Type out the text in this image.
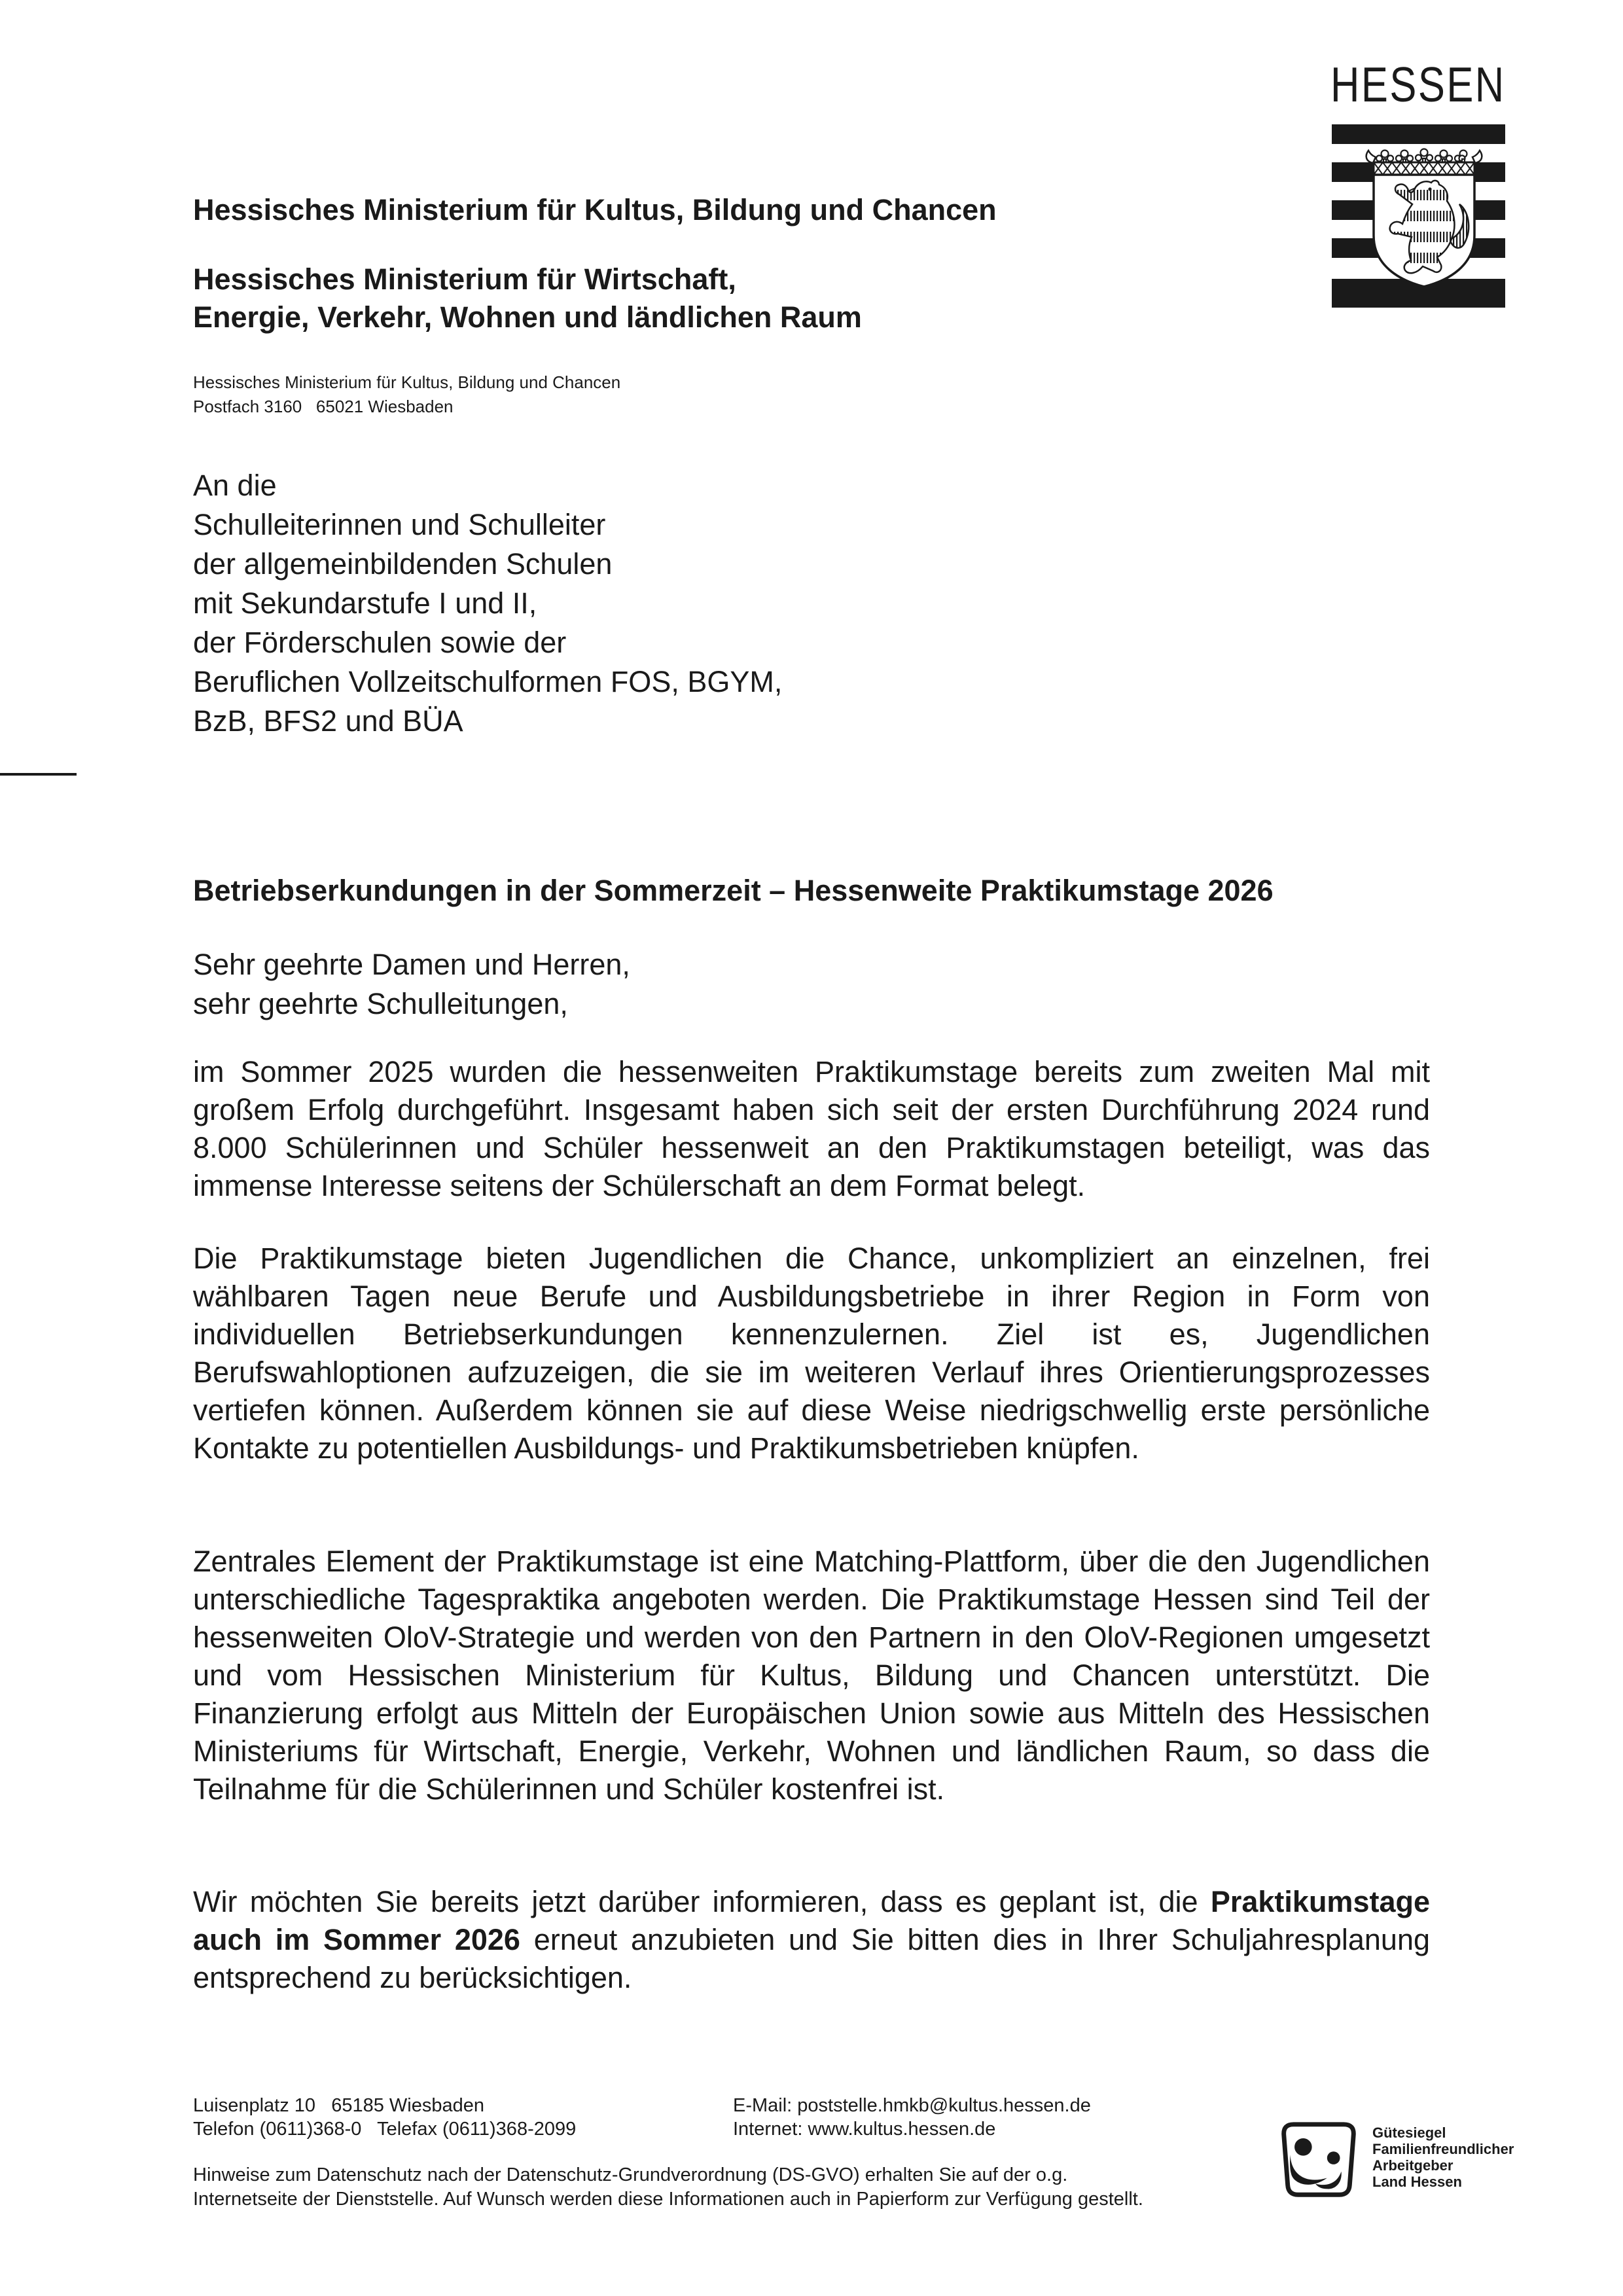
HESSEN
Hessisches Ministerium für Kultus, Bildung und Chancen
Hessisches Ministerium für Wirtschaft,
Energie, Verkehr, Wohnen und ländlichen Raum
Hessisches Ministerium für Kultus, Bildung und Chancen
Postfach 3160   65021 Wiesbaden
An die
Schulleiterinnen und Schulleiter
der allgemeinbildenden Schulen
mit Sekundarstufe I und II,
der Förderschulen sowie der
Beruflichen Vollzeitschulformen FOS, BGYM,
BzB, BFS2 und BÜA
Betriebserkundungen in der Sommerzeit – Hessenweite Praktikumstage 2026
Sehr geehrte Damen und Herren,
sehr geehrte Schulleitungen,
im Sommer 2025 wurden die hessenweiten Praktikumstage bereits zum zweiten Mal mit großem Erfolg durchgeführt. Insgesamt haben sich seit der ersten Durchführung 2024 rund 8.000 Schülerinnen und Schüler hessenweit an den Praktikumstagen beteiligt, was das immense Interesse seitens der Schülerschaft an dem Format belegt.
Die Praktikumstage bieten Jugendlichen die Chance, unkompliziert an einzelnen, frei wählbaren Tagen neue Berufe und Ausbildungsbetriebe in ihrer Region in Form von individuellen Betriebserkundungen kennenzulernen. Ziel ist es, Jugendlichen Berufswahloptionen aufzuzeigen, die sie im weiteren Verlauf ihres Orientierungsprozesses vertiefen können. Außerdem können sie auf diese Weise niedrigschwellig erste persönliche Kontakte zu potentiellen Ausbildungs- und Praktikumsbetrieben knüpfen.
Zentrales Element der Praktikumstage ist eine Matching-Plattform, über die den Jugendlichen unterschiedliche Tagespraktika angeboten werden. Die Praktikumstage Hessen sind Teil der hessenweiten OloV-Strategie und werden von den Partnern in den OloV-Regionen umgesetzt und vom Hessischen Ministerium für Kultus, Bildung und Chancen unterstützt. Die Finanzierung erfolgt aus Mitteln der Europäischen Union sowie aus Mitteln des Hessischen Ministeriums für Wirtschaft, Energie, Verkehr, Wohnen und ländlichen Raum, so dass die Teilnahme für die Schülerinnen und Schüler kostenfrei ist.
Wir möchten Sie bereits jetzt darüber informieren, dass es geplant ist, die Praktikumstage auch im Sommer 2026 erneut anzubieten und Sie bitten dies in Ihrer Schuljahresplanung entsprechend zu berücksichtigen.
Luisenplatz 10   65185 Wiesbaden
Telefon (0611)368-0   Telefax (0611)368-2099
E-Mail: poststelle.hmkb@kultus.hessen.de
Internet: www.kultus.hessen.de
Hinweise zum Datenschutz nach der Datenschutz-Grundverordnung (DS-GVO) erhalten Sie auf der o.g.
Internetseite der Dienststelle. Auf Wunsch werden diese Informationen auch in Papierform zur Verfügung gestellt.
Gütesiegel
Familienfreundlicher
Arbeitgeber
Land Hessen
